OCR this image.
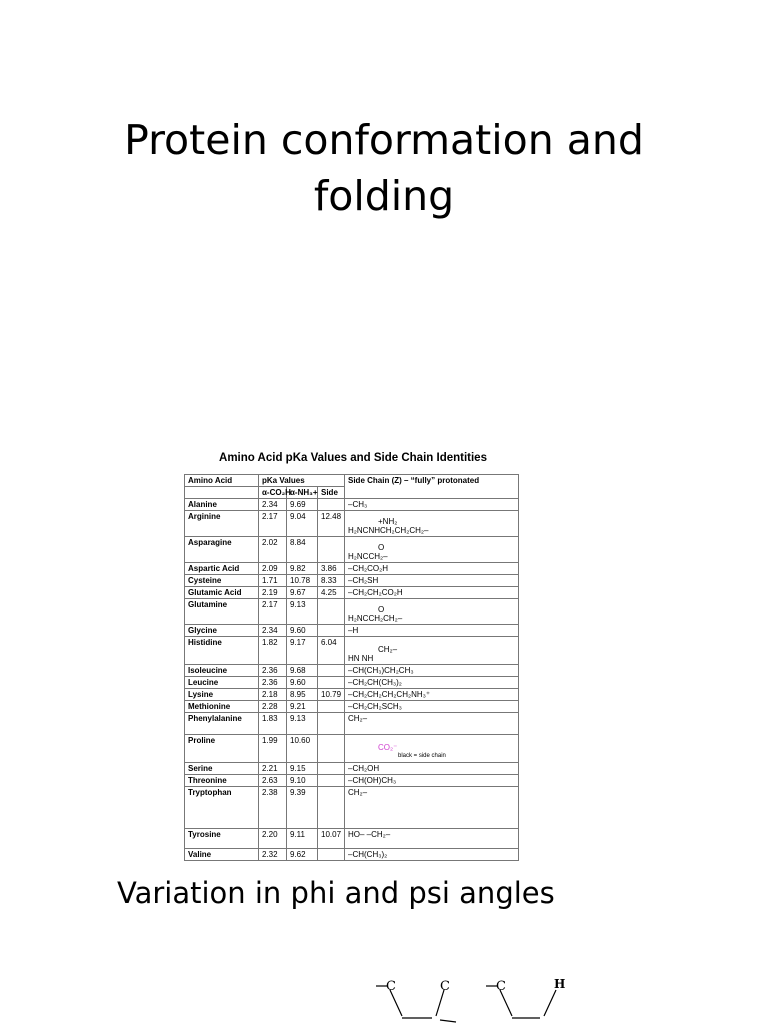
Protein conformation and folding
Amino Acid pKa Values and Side Chain Identities
Amino Acid	pKa Values			Side Chain (Z) – “fully” protonated
	α-CO₂H	α-NH₃+	Side	
Alanine	2.34	9.69		–CH₃
Arginine	2.17	9.04	12.48	+NH₂
H₂NCNHCH₂CH₂CH₂–

Asparagine	2.02	8.84		O
H₂NCCH₂–

Aspartic Acid	2.09	9.82	3.86	–CH₂CO₂H
Cysteine	1.71	10.78	8.33	–CH₂SH
Glutamic Acid	2.19	9.67	4.25	–CH₂CH₂CO₂H
Glutamine	2.17	9.13		O
H₂NCCH₂CH₂–

Glycine	2.34	9.60		–H
Histidine	1.82	9.17	6.04	CH₂–
HN NH

Isoleucine	2.36	9.68		–CH(CH₃)CH₂CH₃
Leucine	2.36	9.60		–CH₂CH(CH₃)₂
Lysine	2.18	8.95	10.79	–CH₂CH₂CH₂CH₂NH₃⁺
Methionine	2.28	9.21		–CH₂CH₂SCH₃
Phenylalanine	1.83	9.13		CH₂–
Proline	1.99	10.60		CO₂⁻
black = side chain

Serine	2.21	9.15		–CH₂OH
Threonine	2.63	9.10		–CH(OH)CH₃
Tryptophan	2.38	9.39		CH₂–
Tyrosine	2.20	9.11	10.07	HO– –CH₂–
Valine	2.32	9.62		–CH(CH₃)₂
Variation in phi and psi angles
C	C	C	H
